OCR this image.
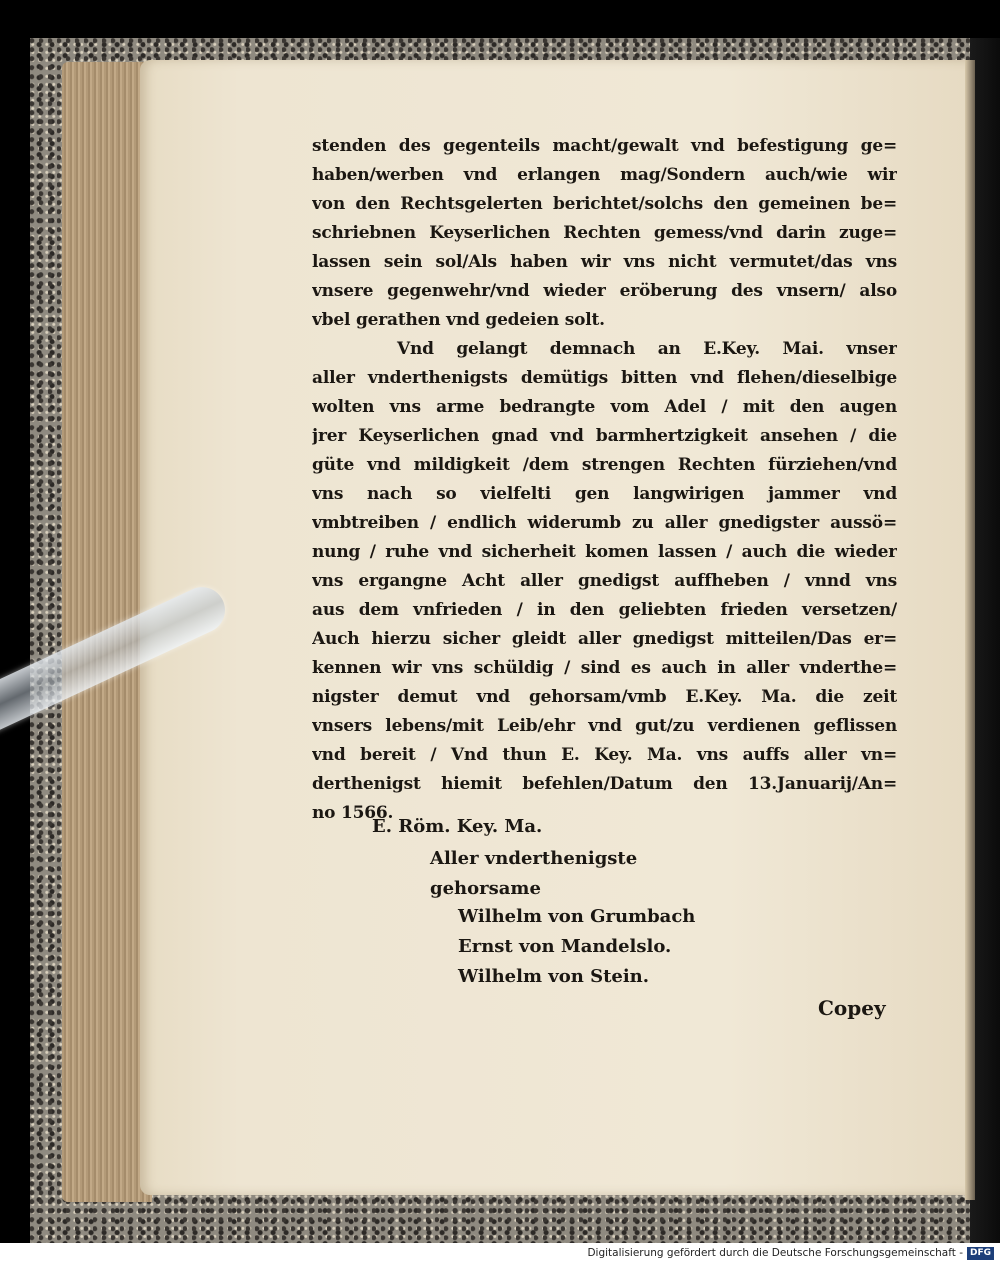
stenden des gegenteils macht/gewalt vnd befestigung ge=
haben/werben vnd erlangen mag/Sondern auch/wie wir
von den Rechtsgelerten berichtet/solchs den gemeinen be=
schriebnen Keyserlichen Rechten gemess/vnd darin zuge=
lassen sein sol/Als haben wir vns nicht vermutet/das vns
vnsere gegenwehr/vnd wieder eröberung des vnsern/ also
vbel gerathen vnd gedeien solt.
Vnd gelangt demnach an E.Key. Mai. vnser
aller vnderthenigsts demütigs bitten vnd flehen/dieselbige
wolten vns arme bedrangte vom Adel / mit den augen
jrer Keyserlichen gnad vnd barmhertzigkeit ansehen / die
güte vnd mildigkeit /dem strengen Rechten fürziehen/vnd
vns nach so vielfelti gen langwirigen jammer vnd
vmbtreiben / endlich widerumb zu aller gnedigster aussö=
nung / ruhe vnd sicherheit komen lassen / auch die wieder
vns ergangne Acht aller gnedigst auffheben / vnnd vns
aus dem vnfrieden / in den geliebten frieden versetzen/
Auch hierzu sicher gleidt aller gnedigst mitteilen/Das er=
kennen wir vns schüldig / sind es auch in aller vnderthe=
nigster demut vnd gehorsam/vmb E.Key. Ma. die zeit
vnsers lebens/mit Leib/ehr vnd gut/zu verdienen geflissen
vnd bereit / Vnd thun E. Key. Ma. vns auffs aller vn=
derthenigst hiemit befehlen/Datum den 13.Januarij/An=
no 1566.
E. Röm. Key. Ma.
Aller vnderthenigste
gehorsame
Wilhelm von Grumbach
Ernst von Mandelslo.
Wilhelm von Stein.
Copey
Digitalisierung gefördert durch die Deutsche Forschungsgemeinschaft - DFG
